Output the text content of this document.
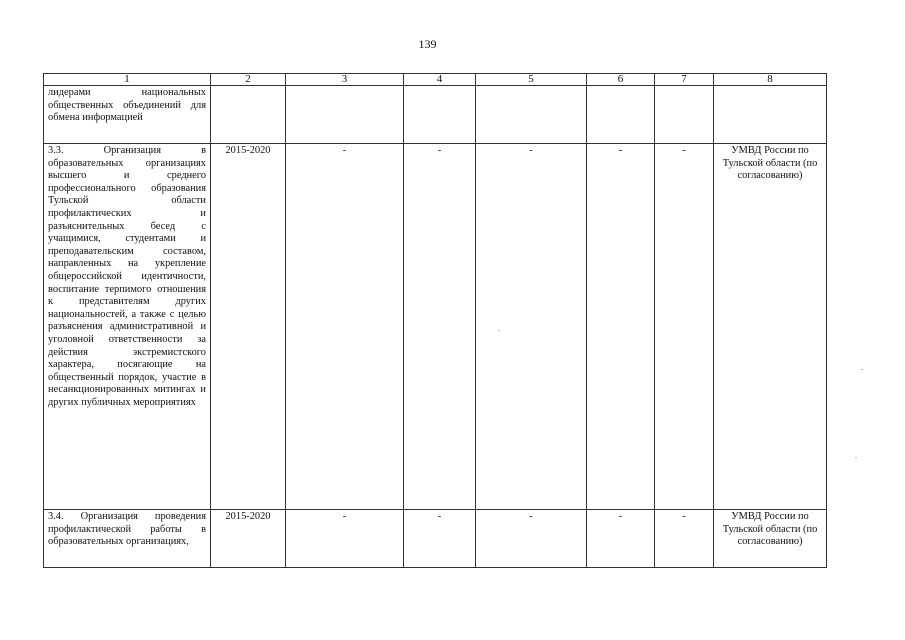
139
1	2	3	4	5	6	7	8
лидерами национальных общественных объединений для обмена информацией							
3.3. Организация в образовательных организациях высшего и среднего профессионального образования Тульской области профилактических и разъяснительных бесед с учащимися, студентами и преподавательским составом, направленных на укрепление общероссийской идентичности, воспитание терпимого отношения к представителям других национальностей, а также с целью разъяснения административной и уголовной ответственности за действия экстремистского характера, посягающие на общественный порядок, участие в несанкционированных митингах и других публичных мероприятиях	2015-2020	-	-	-	-	-	УМВД России по Тульской области (по согласованию)
3.4. Организация проведения профилактической работы в образовательных организациях,	2015-2020	-	-	-	-	-	УМВД России по Тульской области (по согласованию)
